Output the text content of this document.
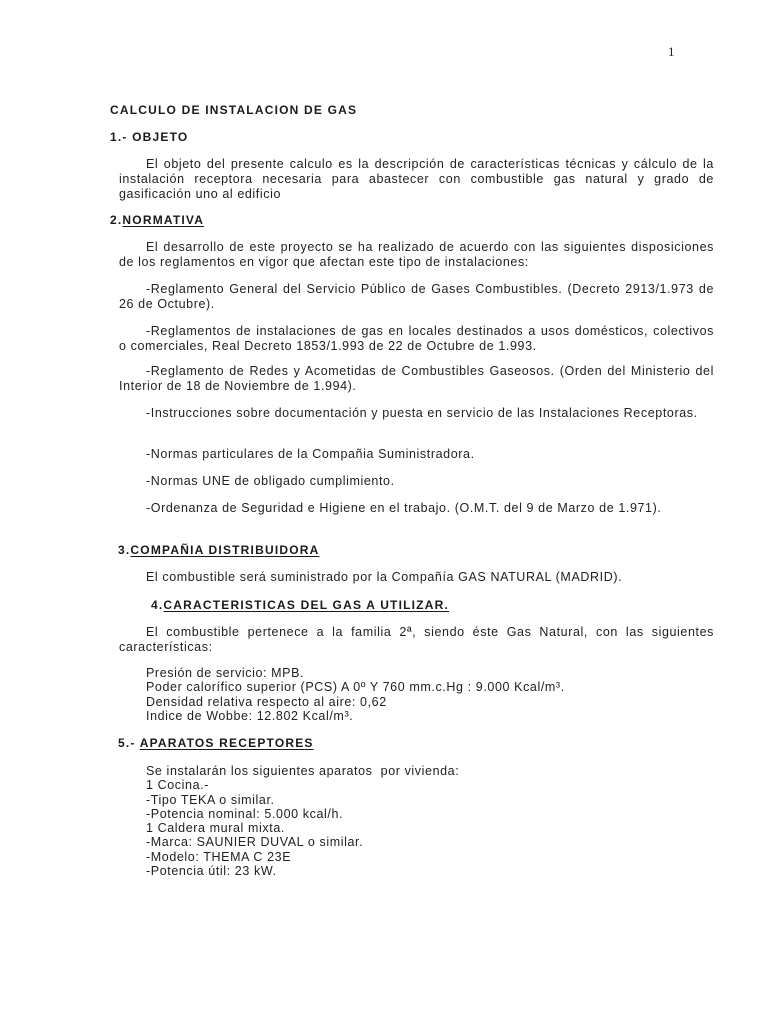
1
CALCULO DE INSTALACION DE GAS
1.- OBJETO
El objeto del presente calculo es la descripción de características técnicas y cálculo de la instalación receptora necesaria para abastecer con combustible gas natural y grado de gasificación uno al edificio
2.NORMATIVA
El desarrollo de este proyecto se ha realizado de acuerdo con las siguientes disposiciones de los reglamentos en vigor que afectan este tipo de instalaciones:
-Reglamento General del Servicio Público de Gases Combustibles. (Decreto 2913/1.973 de 26 de Octubre).
-Reglamentos de instalaciones de gas en locales destinados a usos domésticos, colectivos o comerciales, Real Decreto 1853/1.993 de 22 de Octubre de 1.993.
-Reglamento de Redes y Acometidas de Combustibles Gaseosos. (Orden del Ministerio del Interior de 18 de Noviembre de 1.994).
-Instrucciones sobre documentación y puesta en servicio de las Instalaciones Receptoras.
-Normas particulares de la Compañia Suministradora.
-Normas UNE de obligado cumplimiento.
-Ordenanza de Seguridad e Higiene en el trabajo. (O.M.T. del 9 de Marzo de 1.971).
3.COMPAÑIA DISTRIBUIDORA
El combustible será suministrado por la Compañía GAS NATURAL (MADRID).
4.CARACTERISTICAS DEL GAS A UTILIZAR.
El combustible pertenece a la familia 2ª, siendo éste Gas Natural, con las siguientes características:
Presión de servicio: MPB.
Poder calorífico superior (PCS) A 0º Y 760 mm.c.Hg : 9.000 Kcal/m³.
Densidad relativa respecto al aire: 0,62
Indice de Wobbe: 12.802 Kcal/m³.
5.- APARATOS RECEPTORES
Se instalarán los siguientes aparatos  por vivienda:
1 Cocina.-
-Tipo TEKA o similar.
-Potencia nominal: 5.000 kcal/h.
1 Caldera mural mixta.
-Marca: SAUNIER DUVAL o similar.
-Modelo: THEMA C 23E
-Potencia útil: 23 kW.
